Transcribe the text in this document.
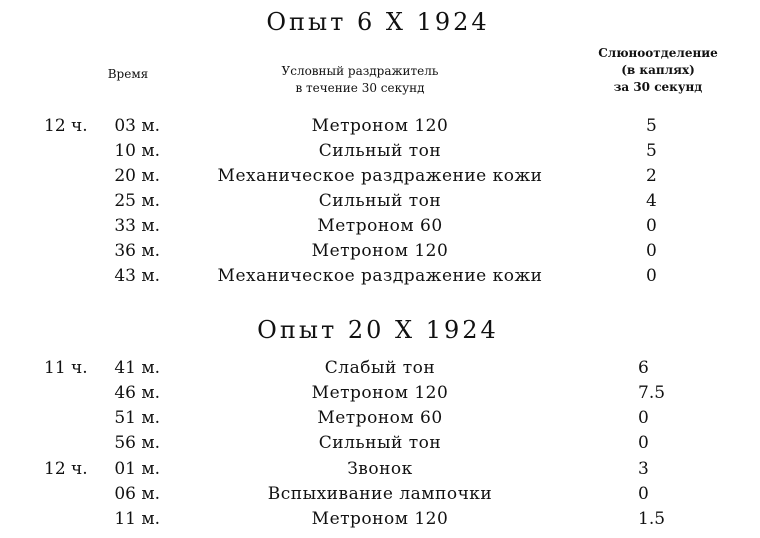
Опыт 6 X 1924
Время	Условный раздражитель
в течение 30 секунд
Слюноотделение
(в каплях)
за 30 секунд
12 ч.	03 м.	Метроном 120	5
10 м.	Сильный тон	5
20 м.	Механическое раздражение кожи	2
25 м.	Сильный тон	4
33 м.	Метроном 60	0
36 м.	Метроном 120	0
43 м.	Механическое раздражение кожи	0
Опыт 20 X 1924
11 ч.	41 м.	Слабый тон	6
46 м.	Метроном 120	7.5
51 м.	Метроном 60	0
56 м.	Сильный тон	0
12 ч.	01 м.	Звонок	3
06 м.	Вспыхивание лампочки	0
11 м.	Метроном 120	1.5
